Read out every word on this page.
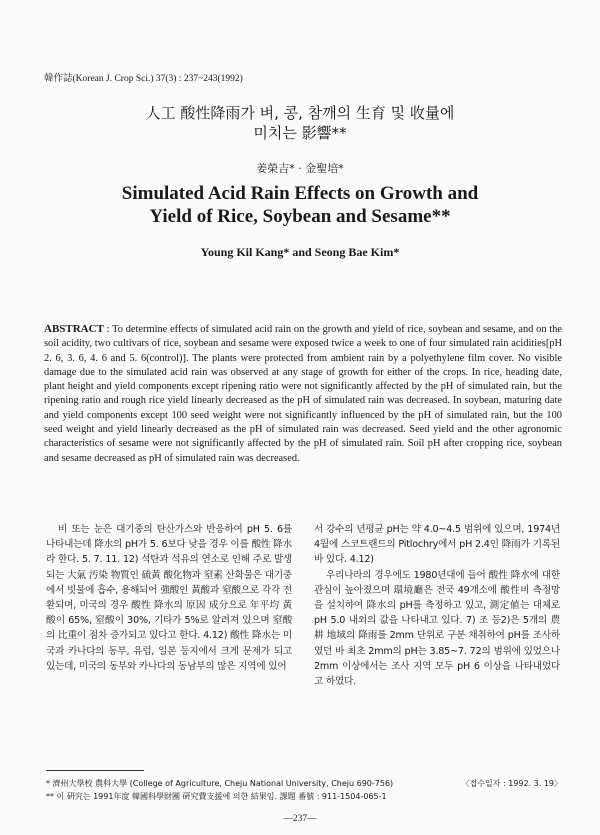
韓作誌(Korean J. Crop Sci.) 37(3) : 237~243(1992)
人工 酸性降雨가 벼, 콩, 참깨의 生育 및 收量에
미치는 影響**
姜榮吉* · 金聖培*
Simulated Acid Rain Effects on Growth and
Yield of Rice, Soybean and Sesame**
Young Kil Kang* and Seong Bae Kim*
ABSTRACT : To determine effects of simulated acid rain on the growth and yield of rice, soybean and sesame, and on the soil acidity, two cultivars of rice, soybean and sesame were exposed twice a week to one of four simulated rain acidities[pH 2. 6, 3. 6, 4. 6 and 5. 6(control)]. The plants were protected from ambient rain by a polyethylene film cover. No visible damage due to the simulated acid rain was observed at any stage of growth for either of the crops. In rice, heading date, plant height and yield components except ripening ratio were not significantly affected by the pH of simulated rain, but the ripening ratio and rough rice yield linearly decreased as the pH of simulated rain was decreased. In soybean, maturing date and yield components except 100 seed weight were not significantly influenced by the pH of simulated rain, but the 100 seed weight and yield linearly decreased as the pH of simulated rain was decreased. Seed yield and the other agronomic characteristics of sesame were not significantly affected by the pH of simulated rain. Soil pH after cropping rice, soybean and sesame decreased as pH of simulated rain was decreased.

비 또는 눈은 대기중의 탄산가스와 반응하여 pH 5. 6를 나타내는데 降水의 pH가 5. 6보다 낮을 경우 이를 酸性 降水라 한다. 5. 7. 11. 12) 석탄과 석유의 연소로 인해 주로 발생되는 大氣 汚染 物質인 硫黃 酸化物과 窒素 산화물은 대기중에서 빗물에 흡수, 용해되어 強酸인 黃酸과 窒酸으로 각각 전환되며, 미국의 경우 酸性 降水의 原因 成分으로 年平均 黃酸이 65%, 窒酸이 30%, 기타가 5%로 알려져 있으며 窒酸의 比重이 점차 증가되고 있다고 한다. 4.12) 酸性 降水는 미국과 카나다의 동부, 유럽, 일본 등지에서 크게 문제가 되고 있는데, 미국의 동부와 카나다의 동남부의 많은 지역에 있어

서 강수의 년평균 pH는 약 4.0~4.5 범위에 있으며, 1974년 4월에 스코트랜드의 Pitlochry에서 pH 2.4인 降雨가 기록된 바 있다. 4.12)

우리나라의 경우에도 1980년대에 들어 酸性 降水에 대한 관심이 높아졌으며 環境廳은 전국 49개소에 酸性비 측정망을 설치하여 降水의 pH를 측정하고 있고, 測定値는 대체로 pH 5.0 내외의 값을 나타내고 있다. 7) 조 등2)은 5개의 農耕 地域의 降雨를 2mm 단위로 구분 채취하여 pH를 조사하였던 바 최초 2mm의 pH는 3.85~7. 72의 범위에 있었으나 2mm 이상에서는 조사 지역 모두 pH 6 이상을 나타내었다고 하였다.

* 濟州大學校 農科大學 (College of Agriculture, Cheju National University, Cheju 690-756)
** 이 硏究는 1991年度 韓國科學財團 硏究費支援에 의한 結果임. 課題 番號 : 911-1504-065-1
〈접수일자 : 1992. 3. 19〉
—237—
